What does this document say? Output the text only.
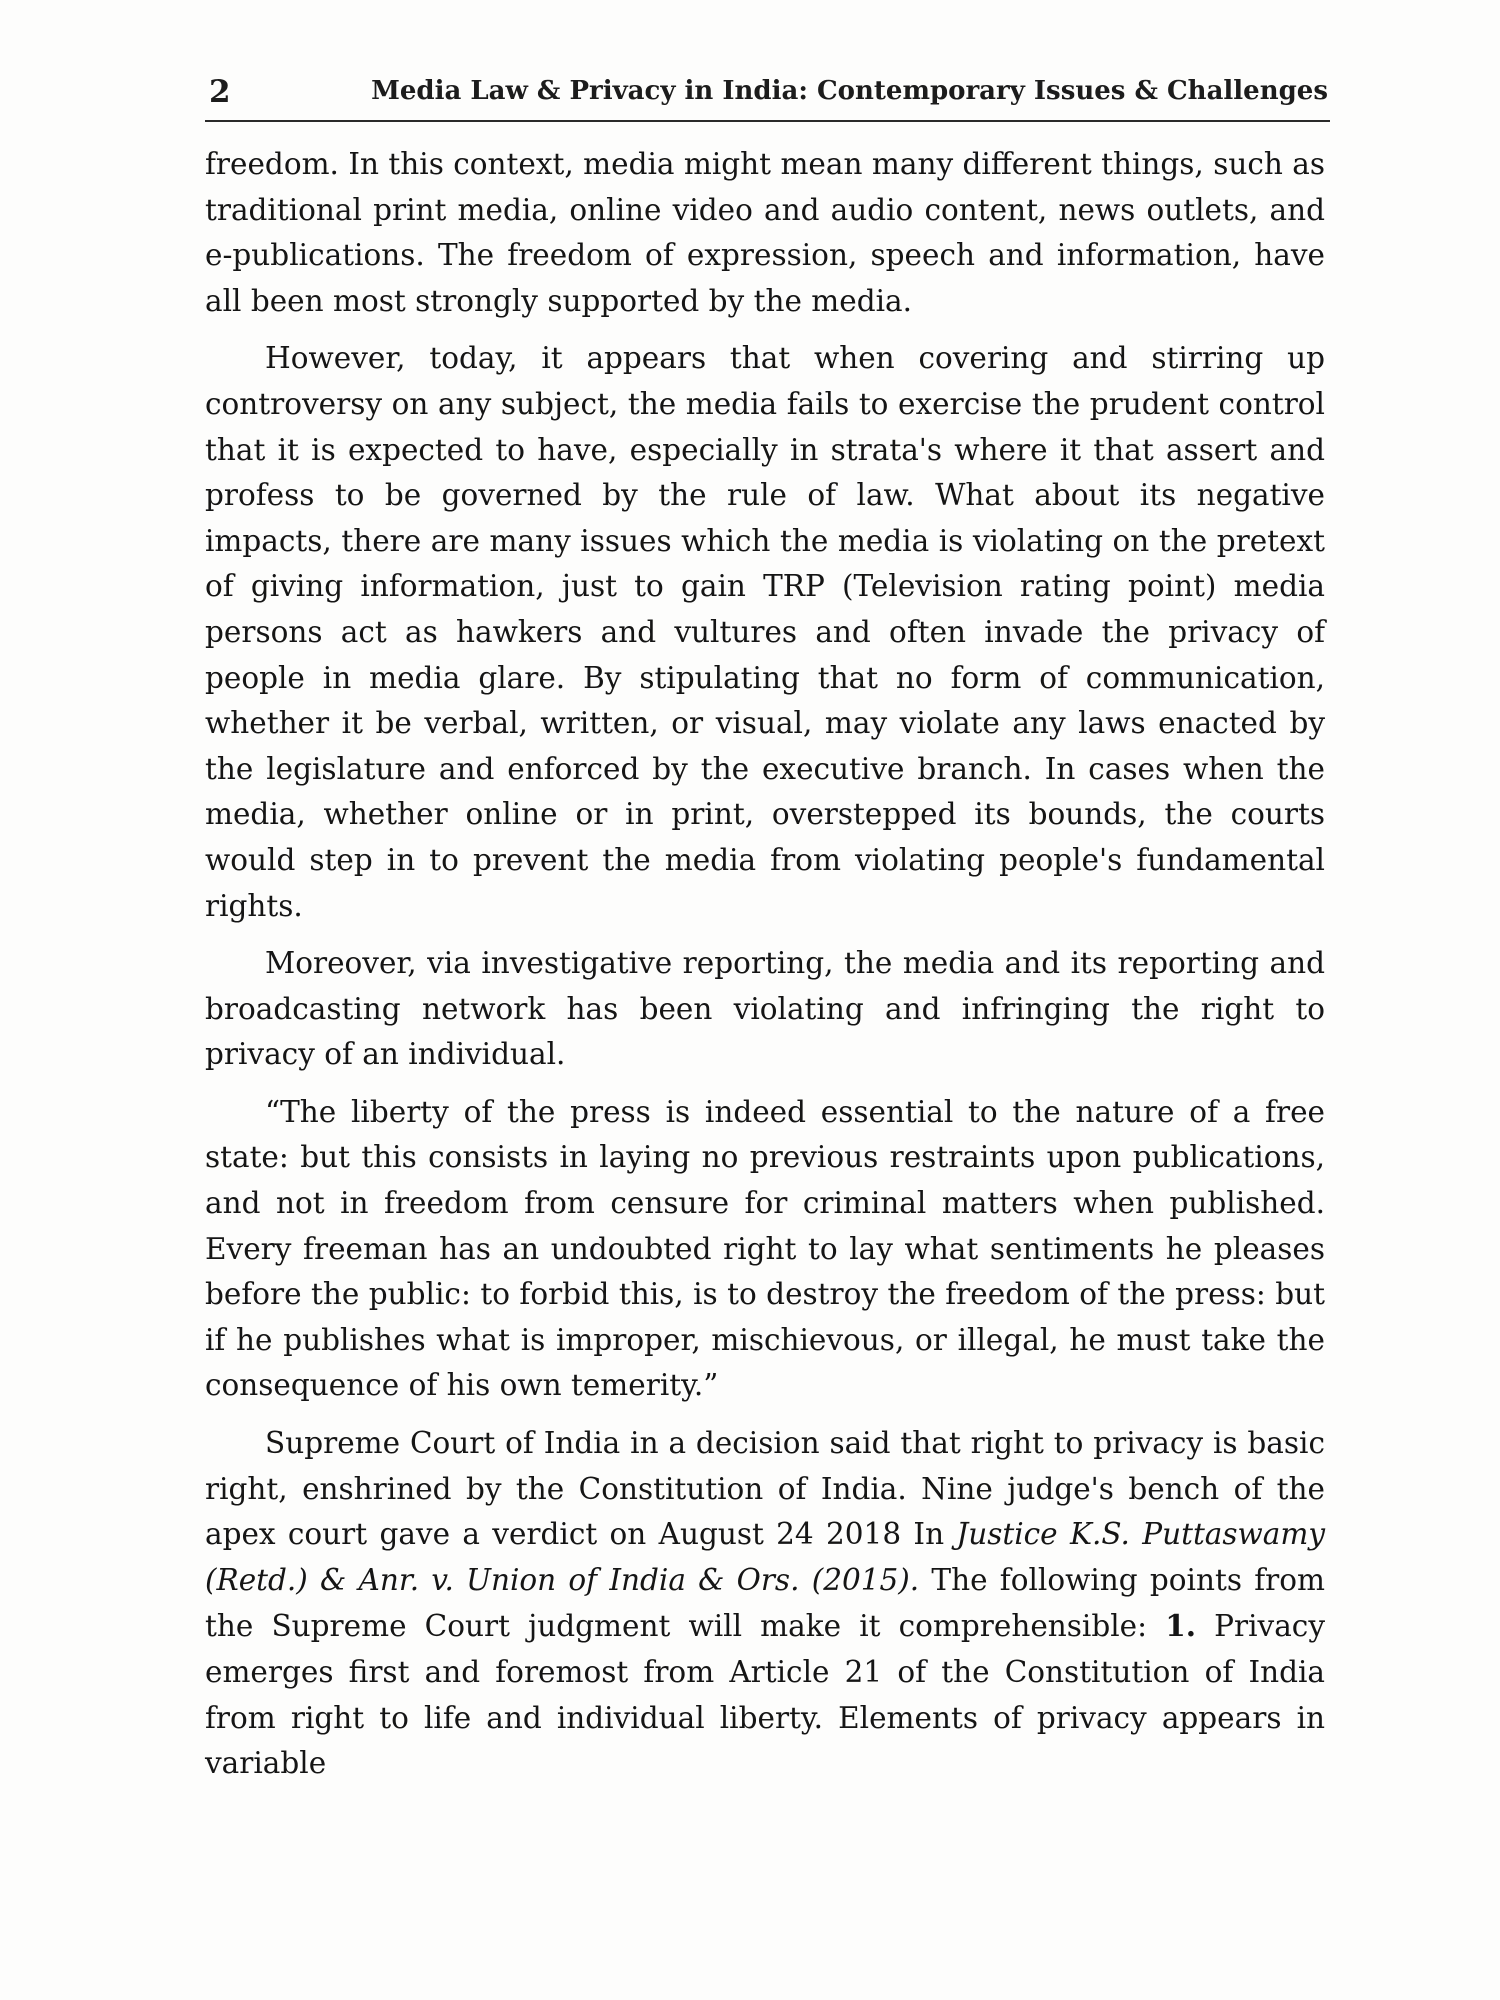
2	Media Law & Privacy in India: Contemporary Issues & Challenges

freedom. In this context, media might mean many different things, such as traditional print media, online video and audio content, news outlets, and e-publications. The freedom of expression, speech and information, have all been most strongly supported by the media.

However, today, it appears that when covering and stirring up controversy on any subject, the media fails to exercise the prudent control that it is expected to have, especially in strata's where it that assert and profess to be governed by the rule of law. What about its negative impacts, there are many issues which the media is violating on the pretext of giving information, just to gain TRP (Television rating point) media persons act as hawkers and vultures and often invade the privacy of people in media glare. By stipulating that no form of communication, whether it be verbal, written, or visual, may violate any laws enacted by the legislature and enforced by the executive branch. In cases when the media, whether online or in print, overstepped its bounds, the courts would step in to prevent the media from violating people's fundamental rights.

Moreover, via investigative reporting, the media and its reporting and broadcasting network has been violating and infringing the right to privacy of an individual.

“The liberty of the press is indeed essential to the nature of a free state: but this consists in laying no previous restraints upon publications, and not in freedom from censure for criminal matters when published. Every freeman has an undoubted right to lay what sentiments he pleases before the public: to forbid this, is to destroy the freedom of the press: but if he publishes what is improper, mischievous, or illegal, he must take the consequence of his own temerity.”

Supreme Court of India in a decision said that right to privacy is basic right, enshrined by the Constitution of India. Nine judge's bench of the apex court gave a verdict on August 24 2018 In Justice K.S. Puttaswamy (Retd.) & Anr. v. Union of India & Ors. (2015). The following points from the Supreme Court judgment will make it comprehensible: 1. Privacy emerges first and foremost from Article 21 of the Constitution of India from right to life and individual liberty. Elements of privacy appears in variable
